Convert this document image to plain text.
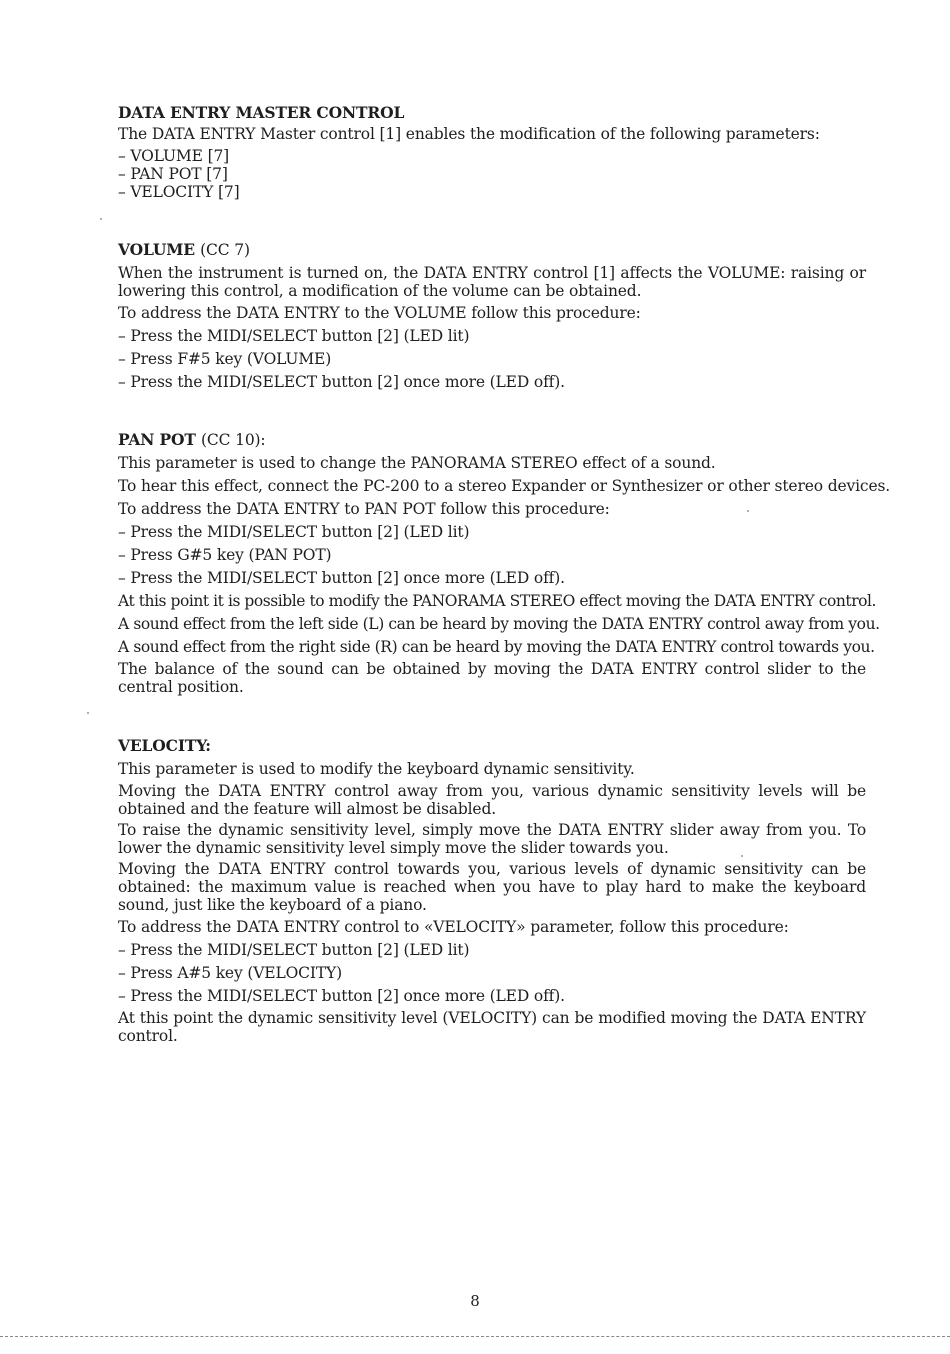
DATA ENTRY MASTER CONTROL
The DATA ENTRY Master control [1] enables the modification of the following parameters:
– VOLUME [7]
– PAN POT [7]
– VELOCITY [7]
VOLUME (CC 7)
When the instrument is turned on, the DATA ENTRY control [1] affects the VOLUME: raising or lowering this control, a modification of the volume can be obtained.
To address the DATA ENTRY to the VOLUME follow this procedure:
– Press the MIDI/SELECT button [2] (LED lit)
– Press F#5 key (VOLUME)
– Press the MIDI/SELECT button [2] once more (LED off).
PAN POT (CC 10):
This parameter is used to change the PANORAMA STEREO effect of a sound.
To hear this effect, connect the PC-200 to a stereo Expander or Synthesizer or other stereo devices.
To address the DATA ENTRY to PAN POT follow this procedure:
– Press the MIDI/SELECT button [2] (LED lit)
– Press G#5 key (PAN POT)
– Press the MIDI/SELECT button [2] once more (LED off).
At this point it is possible to modify the PANORAMA STEREO effect moving the DATA ENTRY control.
A sound effect from the left side (L) can be heard by moving the DATA ENTRY control away from you.
A sound effect from the right side (R) can be heard by moving the DATA ENTRY control towards you.
The balance of the sound can be obtained by moving the DATA ENTRY control slider to the central position.
VELOCITY:
This parameter is used to modify the keyboard dynamic sensitivity.
Moving the DATA ENTRY control away from you, various dynamic sensitivity levels will be obtained and the feature will almost be disabled.
To raise the dynamic sensitivity level, simply move the DATA ENTRY slider away from you. To lower the dynamic sensitivity level simply move the slider towards you.
Moving the DATA ENTRY control towards you, various levels of dynamic sensitivity can be obtained: the maximum value is reached when you have to play hard to make the keyboard sound, just like the keyboard of a piano.
To address the DATA ENTRY control to «VELOCITY» parameter, follow this procedure:
– Press the MIDI/SELECT button [2] (LED lit)
– Press A#5 key (VELOCITY)
– Press the MIDI/SELECT button [2] once more (LED off).
At this point the dynamic sensitivity level (VELOCITY) can be modified moving the DATA ENTRY control.
8
